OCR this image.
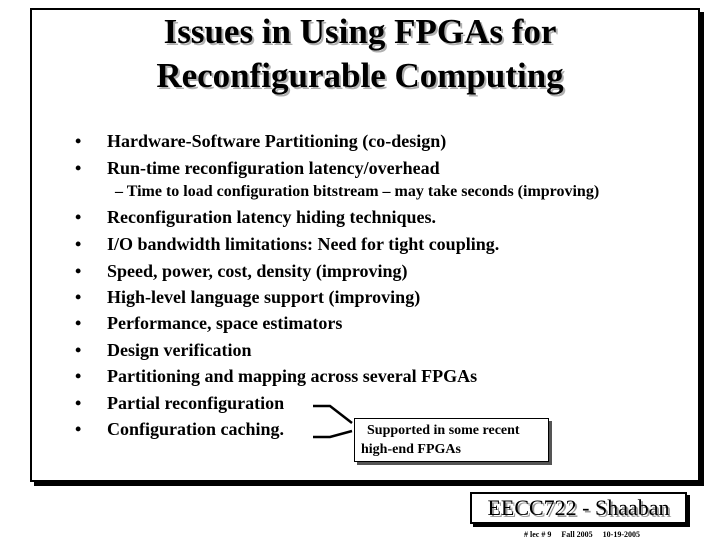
Issues in Using FPGAs for
Reconfigurable Computing
• Hardware-Software Partitioning (co-design)
• Run-time reconfiguration latency/overhead
• Reconfiguration latency hiding techniques.
• I/O bandwidth limitations: Need for tight coupling.
• Speed, power, cost, density (improving)
• High-level language support (improving)
• Performance, space estimators
• Design verification
• Partitioning and mapping across several FPGAs
• Partial reconfiguration
• Configuration caching.
– Time to load configuration bitstream – may take seconds (improving)
Supported in some recent
high-end FPGAs
EECC722 - Shaaban
# lec # 9 Fall 2005 10-19-2005
